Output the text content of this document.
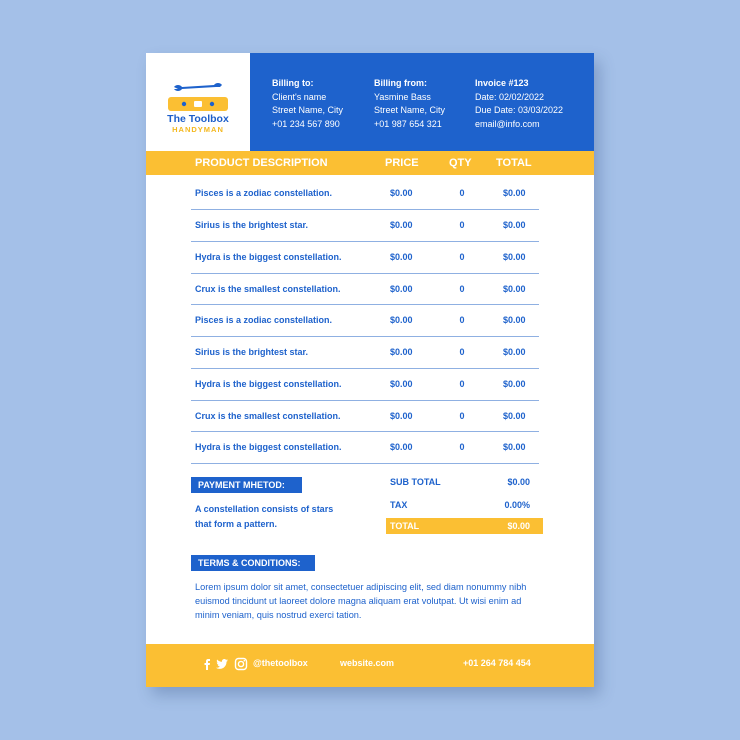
The Toolbox
HANDYMAN
Billing to:
Client's name
Street Name, City
+01 234 567 890
Billing from:
Yasmine Bass
Street Name, City
+01 987 654 321
Invoice #123
Date: 02/02/2022
Due Date: 03/03/2022
email@info.com
PRODUCT DESCRIPTION	PRICE	QTY TOTAL
Pisces is a zodiac constellation.	$0.00	0	$0.00
Sirius is the brightest star.	$0.00	0	$0.00
Hydra is the biggest constellation.	$0.00	0	$0.00
Crux is the smallest constellation.	$0.00	0	$0.00
Pisces is a zodiac constellation.	$0.00	0	$0.00
Sirius is the brightest star.	$0.00	0	$0.00
Hydra is the biggest constellation.	$0.00	0	$0.00
Crux is the smallest constellation.	$0.00	0	$0.00
Hydra is the biggest constellation.	$0.00	0	$0.00
PAYMENT MHETOD:
A constellation consists of stars that form a pattern.
SUB TOTAL	$0.00
TAX	0.00%
TOTAL	$0.00
TERMS & CONDITIONS:
Lorem ipsum dolor sit amet, consectetuer adipiscing elit, sed diam nonummy nibh euismod tincidunt ut laoreet dolore magna aliquam erat volutpat. Ut wisi enim ad minim veniam, quis nostrud exerci tation.
@thetoolbox	website.com	+01 264 784 454
